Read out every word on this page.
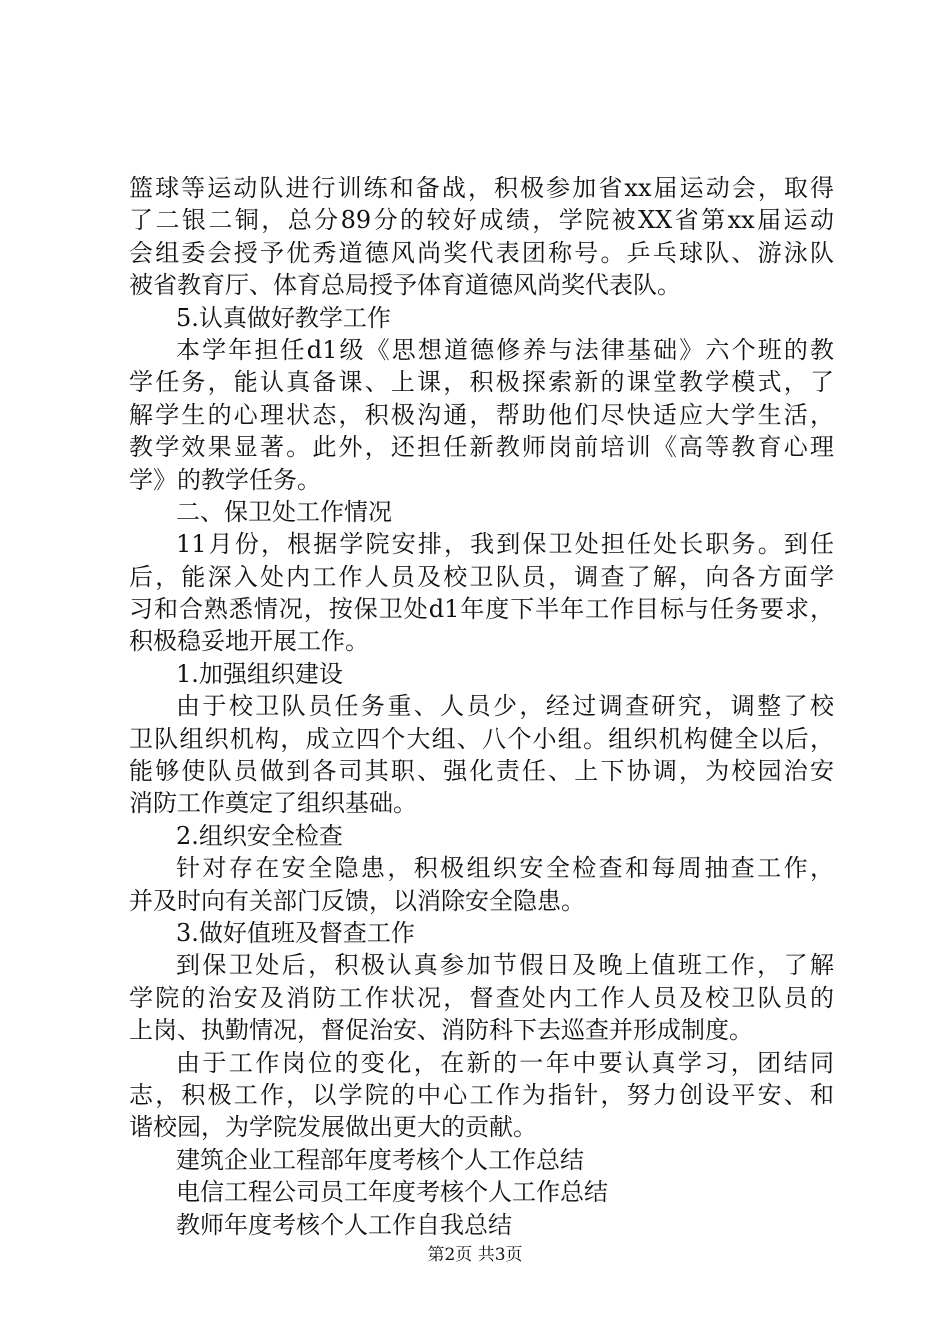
篮球等运动队进行训练和备战，积极参加省xx届运动会，取得
了二银二铜，总分89分的较好成绩，学院被XX省第xx届运动
会组委会授予优秀道德风尚奖代表团称号。乒乓球队、游泳队
被省教育厅、体育总局授予体育道德风尚奖代表队。
5.认真做好教学工作
本学年担任d1级《思想道德修养与法律基础》六个班的教
学任务，能认真备课、上课，积极探索新的课堂教学模式，了
解学生的心理状态，积极沟通，帮助他们尽快适应大学生活，
教学效果显著。此外，还担任新教师岗前培训《高等教育心理
学》的教学任务。
二、保卫处工作情况
11月份，根据学院安排，我到保卫处担任处长职务。到任
后，能深入处内工作人员及校卫队员，调查了解，向各方面学
习和合熟悉情况，按保卫处d1年度下半年工作目标与任务要求，
积极稳妥地开展工作。
1.加强组织建设
由于校卫队员任务重、人员少，经过调查研究，调整了校
卫队组织机构，成立四个大组、八个小组。组织机构健全以后，
能够使队员做到各司其职、强化责任、上下协调，为校园治安
消防工作奠定了组织基础。
2.组织安全检查
针对存在安全隐患，积极组织安全检查和每周抽查工作，
并及时向有关部门反馈，以消除安全隐患。
3.做好值班及督查工作
到保卫处后，积极认真参加节假日及晚上值班工作，了解
学院的治安及消防工作状况，督查处内工作人员及校卫队员的
上岗、执勤情况，督促治安、消防科下去巡查并形成制度。
由于工作岗位的变化，在新的一年中要认真学习，团结同
志，积极工作，以学院的中心工作为指针，努力创设平安、和
谐校园，为学院发展做出更大的贡献。
建筑企业工程部年度考核个人工作总结
电信工程公司员工年度考核个人工作总结
教师年度考核个人工作自我总结
第2页 共3页
